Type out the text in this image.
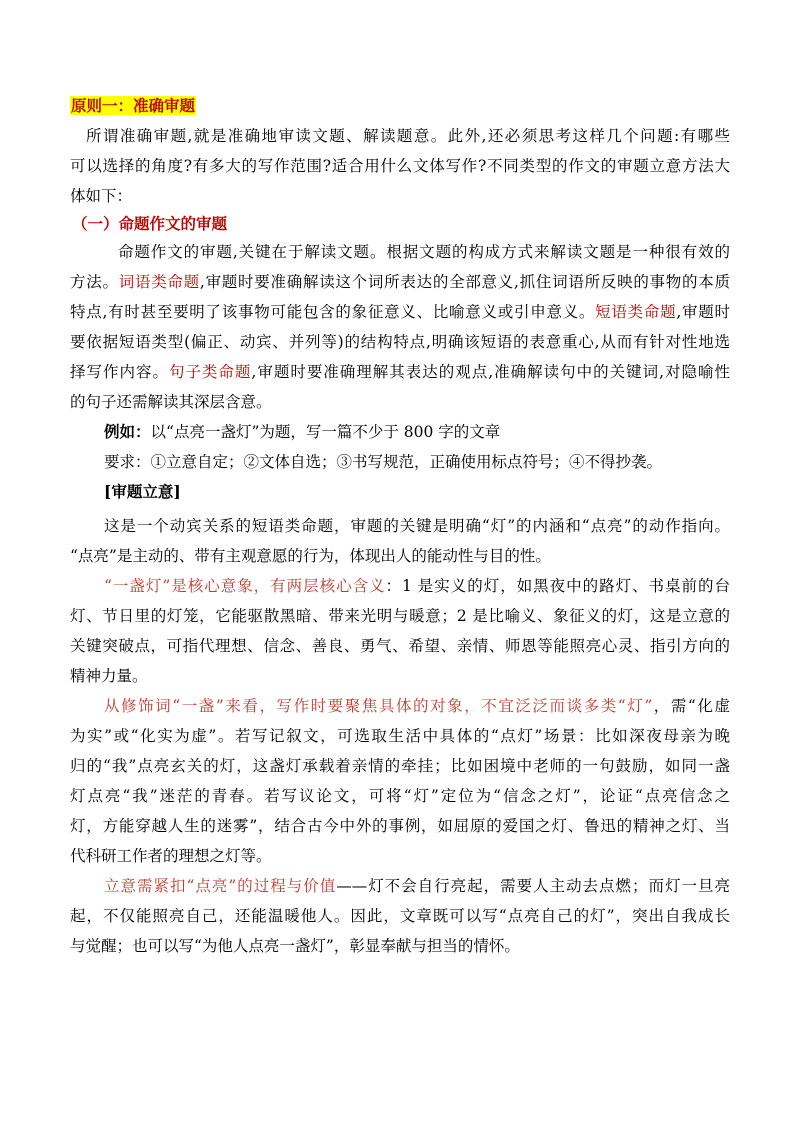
原则一：准确审题
所谓准确审题,就是准确地审读文题、解读题意。此外,还必须思考这样几个问题:有哪些
可以选择的角度?有多大的写作范围?适合用什么文体写作?不同类型的作文的审题立意方法大
体如下：
（一）命题作文的审题
命题作文的审题,关键在于解读文题。根据文题的构成方式来解读文题是一种很有效的
方法。词语类命题,审题时要准确解读这个词所表达的全部意义,抓住词语所反映的事物的本质
特点,有时甚至要明了该事物可能包含的象征意义、比喻意义或引申意义。短语类命题,审题时
要依据短语类型(偏正、动宾、并列等)的结构特点,明确该短语的表意重心,从而有针对性地选
择写作内容。句子类命题,审题时要准确理解其表达的观点,准确解读句中的关键词,对隐喻性
的句子还需解读其深层含意。
例如：以“点亮一盏灯”为题，写一篇不少于 800 字的文章
要求：①立意自定；②文体自选；③书写规范，正确使用标点符号；④不得抄袭。
[审题立意]
这是一个动宾关系的短语类命题，审题的关键是明确“灯”的内涵和“点亮”的动作指向。
“点亮”是主动的、带有主观意愿的行为，体现出人的能动性与目的性。
“一盏灯”是核心意象，有两层核心含义：1 是实义的灯，如黑夜中的路灯、书桌前的台
灯、节日里的灯笼，它能驱散黑暗、带来光明与暖意；2 是比喻义、象征义的灯，这是立意的
关键突破点，可指代理想、信念、善良、勇气、希望、亲情、师恩等能照亮心灵、指引方向的
精神力量。
从修饰词“一盏”来看，写作时要聚焦具体的对象，不宜泛泛而谈多类“灯”，需“化虚
为实”或“化实为虚”。若写记叙文，可选取生活中具体的“点灯”场景：比如深夜母亲为晚
归的“我”点亮玄关的灯，这盏灯承载着亲情的牵挂；比如困境中老师的一句鼓励，如同一盏
灯点亮“我”迷茫的青春。若写议论文，可将“灯”定位为“信念之灯”，论证“点亮信念之
灯，方能穿越人生的迷雾”，结合古今中外的事例，如屈原的爱国之灯、鲁迅的精神之灯、当
代科研工作者的理想之灯等。
立意需紧扣“点亮”的过程与价值——灯不会自行亮起，需要人主动去点燃；而灯一旦亮
起，不仅能照亮自己，还能温暖他人。因此，文章既可以写“点亮自己的灯”，突出自我成长
与觉醒；也可以写“为他人点亮一盏灯”，彰显奉献与担当的情怀。
